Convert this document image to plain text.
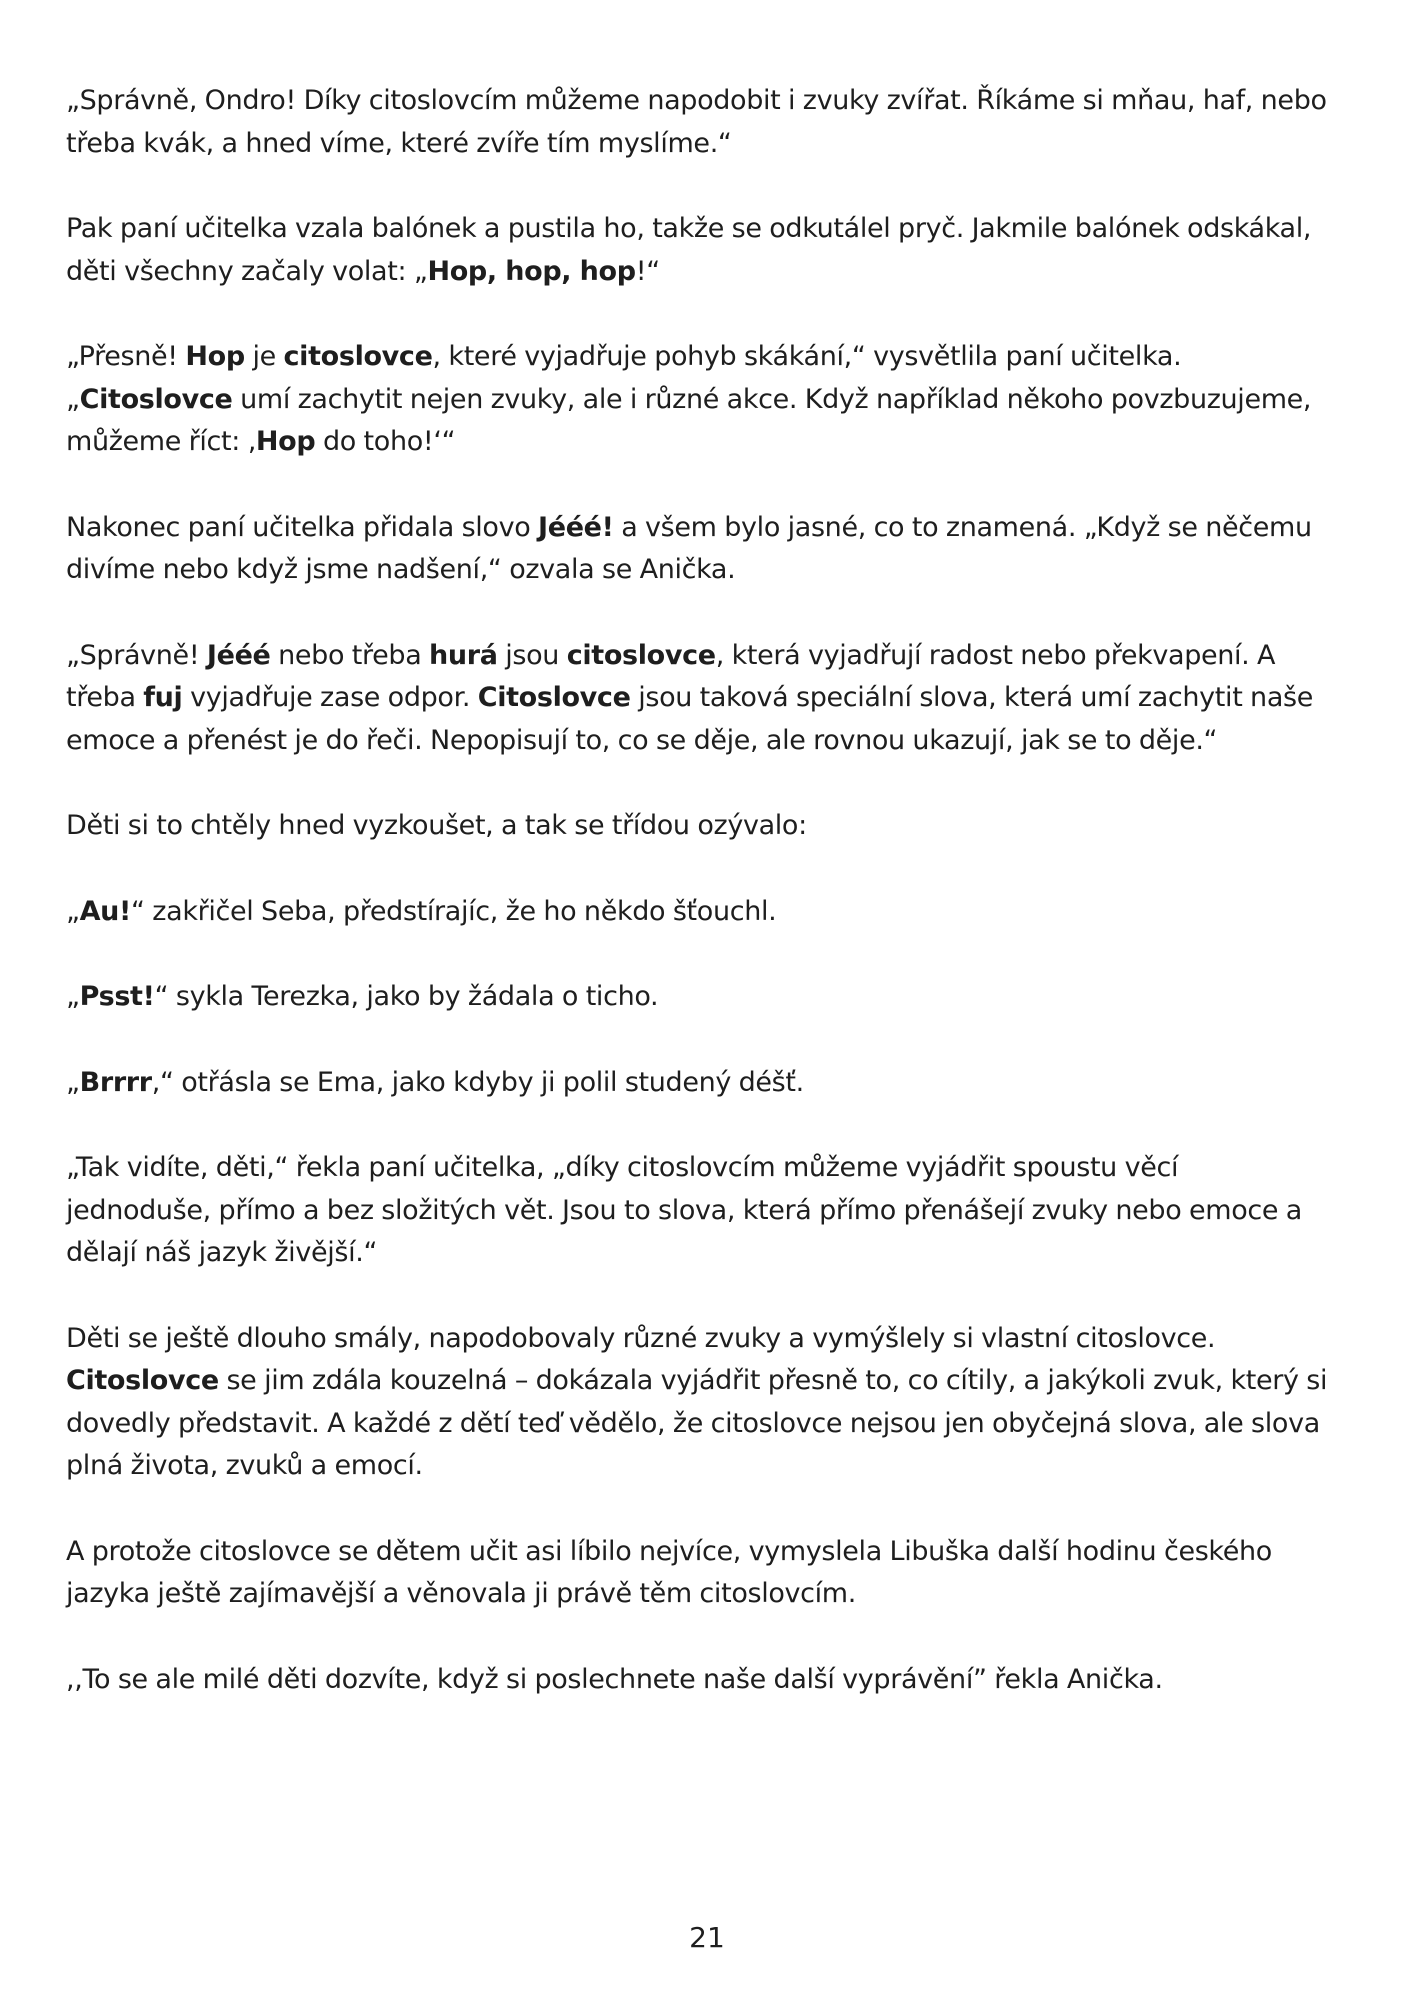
„Správně, Ondro! Díky citoslovcím můžeme napodobit i zvuky zvířat. Říkáme si mňau, haf, nebo třeba kvák, a hned víme, které zvíře tím myslíme.“

Pak paní učitelka vzala balónek a pustila ho, takže se odkutálel pryč. Jakmile balónek odskákal, děti všechny začaly volat: „Hop, hop, hop!“

„Přesně! Hop je citoslovce, které vyjadřuje pohyb skákání,“ vysvětlila paní učitelka. „Citoslovce umí zachytit nejen zvuky, ale i různé akce. Když například někoho povzbuzujeme, můžeme říct: ‚Hop do toho!‘“

Nakonec paní učitelka přidala slovo Jééé! a všem bylo jasné, co to znamená. „Když se něčemu divíme nebo když jsme nadšení,“ ozvala se Anička.

„Správně! Jééé nebo třeba hurá jsou citoslovce, která vyjadřují radost nebo překvapení. A třeba fuj vyjadřuje zase odpor. Citoslovce jsou taková speciální slova, která umí zachytit naše emoce a přenést je do řeči. Nepopisují to, co se děje, ale rovnou ukazují, jak se to děje.“

Děti si to chtěly hned vyzkoušet, a tak se třídou ozývalo:

„Au!“ zakřičel Seba, předstírajíc, že ho někdo šťouchl.

„Psst!“ sykla Terezka, jako by žádala o ticho.

„Brrrr,“ otřásla se Ema, jako kdyby ji polil studený déšť.

„Tak vidíte, děti,“ řekla paní učitelka, „díky citoslovcím můžeme vyjádřit spoustu věcí jednoduše, přímo a bez složitých vět. Jsou to slova, která přímo přenášejí zvuky nebo emoce a dělají náš jazyk živější.“

Děti se ještě dlouho smály, napodobovaly různé zvuky a vymýšlely si vlastní citoslovce. Citoslovce se jim zdála kouzelná – dokázala vyjádřit přesně to, co cítily, a jakýkoli zvuk, který si dovedly představit. A každé z dětí teď vědělo, že citoslovce nejsou jen obyčejná slova, ale slova plná života, zvuků a emocí.

A protože citoslovce se dětem učit asi líbilo nejvíce, vymyslela Libuška další hodinu českého jazyka ještě zajímavější a věnovala ji právě těm citoslovcím.

,,To se ale milé děti dozvíte, když si poslechnete naše další vyprávění” řekla Anička.

21
